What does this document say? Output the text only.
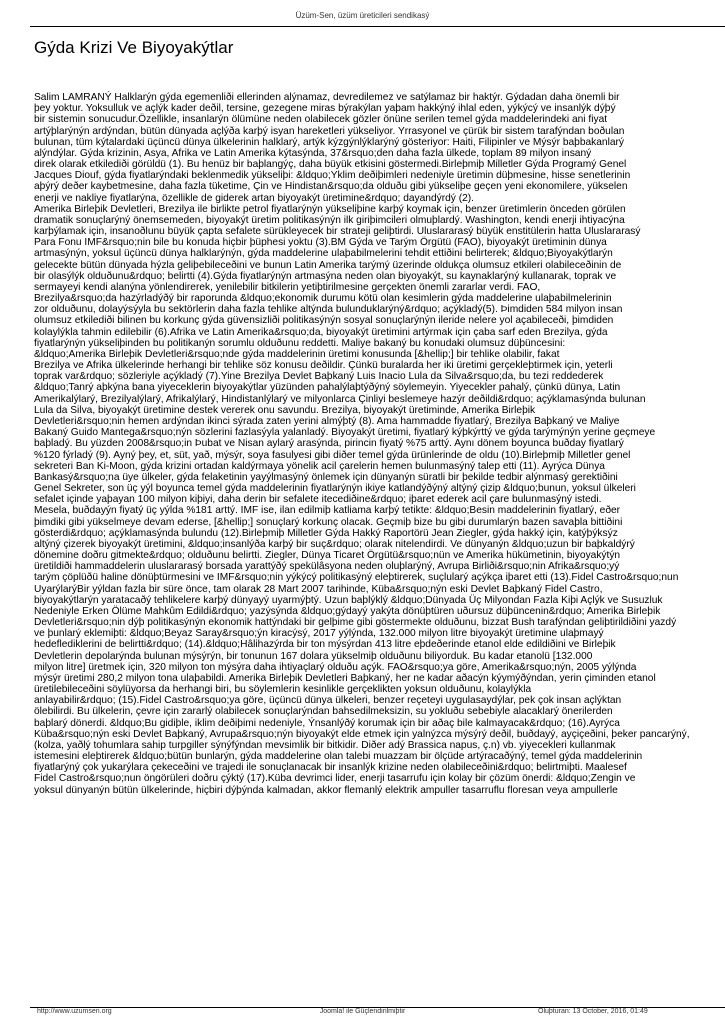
Üzüm-Sen, üzüm üreticileri sendikasý
Gýda Krizi Ve Biyoyakýtlar
Salim LAMRANÝ Halklarýn gýda egemenliði ellerinden alýnamaz, devredilemez ve satýlamaz bir haktýr. Gýdadan daha önemli bir
þey yoktur. Yoksulluk ve açlýk kader deðil, tersine, gezegene miras býrakýlan yaþam hakkýný ihlal eden, yýkýcý ve insanlýk dýþý
bir sistemin sonucudur.Özellikle, insanlarýn ölümüne neden olabilecek gözler önüne serilen temel gýda maddelerindeki ani fiyat
artýþlarýnýn ardýndan, bütün dünyada açlýða karþý isyan hareketleri yükseliyor. Yrrasyonel ve çürük bir sistem tarafýndan boðulan
bulunan, tüm kýtalardaki üçüncü dünya ülkelerinin halklarý, artýk kýzgýnlýklarýný gösteriyor: Haiti, Filipinler ve Mýsýr baþbakanlarý
alýndýlar. Gýda krizinin, Asya, Afrika ve Latin Amerika kýtasýnda, 37&rsquo;den daha fazla ülkede, toplam 89 milyon insaný
direk olarak etkilediði görüldü (1). Bu henüz bir baþlangýç, daha büyük etkisini göstermedi.Birleþmiþ Milletler Gýda Programý Genel
Jacques Diouf, gýda fiyatlarýndaki beklenmedik yükseliþi: &ldquo;Yklim deðiþimleri nedeniyle üretimin düþmesine, hisse senetlerinin
aþýrý deðer kaybetmesine, daha fazla tüketime, Çin ve Hindistan&rsquo;da olduðu gibi yükseliþe geçen yeni ekonomilere, yükselen
enerji ve nakliye fiyatlarýna, özellikle de giderek artan biyoyakýt üretimine&rdquo; dayandýrdý (2).
Amerika Birleþik Devletleri, Brezilya ile birlikte petrol fiyatlarýnýn yükseliþine karþý koymak için, benzer üretimlerin önceden görülen
dramatik sonuçlarýný önemsemeden, biyoyakýt üretim politikasýnýn ilk giriþimcileri olmuþlardý. Washington, kendi enerji ihtiyacýna
karþýlamak için, insanoðlunu büyük çapta sefalete sürükleyecek bir strateji geliþtirdi. Uluslararasý büyük enstitülerin hatta Uluslararasý
Para Fonu IMF&rsquo;nin bile bu konuda hiçbir þüphesi yoktu (3).BM Gýda ve Tarým Örgütü (FAO), biyoyakýt üretiminin dünya
artmasýnýn, yoksul üçüncü dünya halklarýnýn, gýda maddelerine ulaþabilmelerini tehdit ettiðini belirterek; &ldquo;Biyoyakýtlarýn
gelecekte bütün dünyada hýzla geliþebileceðini ve bunun Latin Amerika tarýmý üzerinde oldukça olumsuz etkileri olabileceðinin de
bir olasýlýk olduðunu&rdquo; belirtti (4).Gýda fiyatlarýnýn artmasýna neden olan biyoyakýt, su kaynaklarýný kullanarak, toprak ve
sermayeyi kendi alanýna yönlendirerek, yenilebilir bitkilerin yetiþtirilmesine gerçekten önemli zararlar verdi. FAO,
Brezilya&rsquo;da hazýrladýðý bir raporunda &ldquo;ekonomik durumu kötü olan kesimlerin gýda maddelerine ulaþabilmelerinin
zor olduðunu, dolayýsýyla bu sektörlerin daha fazla tehlike altýnda bulunduklarýný&rdquo; açýkladý(5). Þimdiden 584 milyon insan
olumsuz etkilediði bilinen bu korkunç gýda güvensizliði politikasýnýn sosyal sonuçlarýnýn ileride nelere yol açabileceði, þimdiden
kolaylýkla tahmin edilebilir (6).Afrika ve Latin Amerika&rsquo;da, biyoyakýt üretimini artýrmak için çaba sarf eden Brezilya, gýda
fiyatlarýnýn yükseliþinden bu politikanýn sorumlu olduðunu reddetti. Maliye bakaný bu konudaki olumsuz düþüncesini:
&ldquo;Amerika Birleþik Devletleri&rsquo;nde gýda maddelerinin üretimi konusunda [&hellip;] bir tehlike olabilir, fakat
Brezilya ve Afrika ülkelerinde herhangi bir tehlike söz konusu deðildir. Çünkü buralarda her iki üretimi gerçekleþtirmek için, yeterli
toprak var&rdquo; sözleriyle açýkladý (7).Yine Brezilya Devlet Baþkaný Luis Inacio Lula da Silva&rsquo;da, bu tezi reddederek
&ldquo;Tanrý aþkýna bana yiyeceklerin biyoyakýtlar yüzünden pahalýlaþtýðýný söylemeyin. Yiyecekler pahalý, çünkü dünya, Latin
Amerikalýlarý, Brezilyalýlarý, Afrikalýlarý, Hindistanlýlarý ve milyonlarca Çinliyi beslemeye hazýr deðildi&rdquo; açýklamasýnda bulunan
Lula da Silva, biyoyakýt üretimine destek vererek onu savundu. Brezilya, biyoyakýt üretiminde, Amerika Birleþik
Devletleri&rsquo;nin hemen ardýndan ikinci sýrada zaten yerini almýþtý (8). Ama hammadde fiyatlarý, Brezilya Baþkaný ve Maliye
Bakaný Guido Mantega&rsquo;nýn sözlerini fazlasýyla yalanladý. Biyoyakýt üretimi, fiyatlarý kýþkýrttý ve gýda tarýmýnýn yerine geçmeye
baþladý. Bu yüzden 2008&rsquo;in Þubat ve Nisan aylarý arasýnda, pirincin fiyatý %75 arttý. Aynı dönem boyunca buðday fiyatlarý
%120 fýrladý (9). Ayný þey, et, süt, yað, mýsýr, soya fasulyesi gibi diðer temel gýda ürünlerinde de oldu (10).Birleþmiþ Milletler genel
sekreteri Ban Ki-Moon, gýda krizini ortadan kaldýrmaya yönelik acil çarelerin hemen bulunmasýný talep etti (11). Ayrýca Dünya
Bankasý&rsquo;na üye ülkeler, gýda felaketinin yayýlmasýný önlemek için dünyanýn süratli bir þekilde tedbir alýnmasý gerektiðini
Genel Sekreter, son üç yýl boyunca temel gýda maddelerinin fiyatlarýnýn ikiye katlandýðýný altýný çizip &ldquo;bunun, yoksul ülkeleri
sefalet içinde yaþayan 100 milyon kiþiyi, daha derin bir sefalete itecediðine&rdquo; iþaret ederek acil çare bulunmasýný istedi.
Mesela, buðdayýn fiyatý üç yýlda %181 arttý. IMF ise, ilan edilmiþ katliama karþý tetikte: &ldquo;Besin maddelerinin fiyatlarý, eðer
þimdiki gibi yükselmeye devam ederse, [&hellip;] sonuçlarý korkunç olacak. Geçmiþ bize bu gibi durumlarýn bazen savaþla bittiðini
gösterdi&rdquo; açýklamasýnda bulundu (12).Birleþmiþ Milletler Gýda Hakký Raportörü Jean Ziegler, gýda hakký için, katýþýksýz
altýný çizerek biyoyakýt üretimini, &ldquo;insanlýða karþý bir suç&rdquo; olarak nitelendirdi. Ve dünyanýn &ldquo;uzun bir baþkaldýrý
dönemine doðru gitmekte&rdquo; olduðunu belirtti. Ziegler, Dünya Ticaret Örgütü&rsquo;nün ve Amerika hükümetinin, biyoyakýtýn
üretildiði hammaddelerin uluslararasý borsada yarattýðý spekülâsyona neden oluþlarýný, Avrupa Birliði&rsquo;nin Afrika&rsquo;yý
tarým çöplüðü haline dönüþtürmesini ve IMF&rsquo;nin yýkýcý politikasýný eleþtirerek, suçlularý açýkça iþaret etti (13).Fidel Castro&rsquo;nun
UyarýlarýBir yýldan fazla bir süre önce, tam olarak 28 Mart 2007 tarihinde, Küba&rsquo;nýn eski Devlet Baþkaný Fidel Castro,
biyoyakýtlarýn yaratacaðý tehlikelere karþý dünyayý uyarmýþtý. Uzun baþlýklý &ldquo;Dünyada Üç Milyondan Fazla Kiþi Açlýk ve Susuzluk
Nedeniyle Erken Ölüme Mahkûm Edildi&rdquo; yazýsýnda &ldquo;gýdayý yakýta dönüþtüren uðursuz düþüncenin&rdquo; Amerika Birleþik
Devletleri&rsquo;nin dýþ politikasýnýn ekonomik hattýndaki bir gelþime gibi göstermekte olduðunu, bizzat Bush tarafýndan geliþtirildiðini yazdý
ve þunlarý eklemiþti: &ldquo;Beyaz Saray&rsquo;ýn kiracýsý, 2017 yýlýnda, 132.000 milyon litre biyoyakýt üretimine ulaþmayý
hedeflediklerini de belirtti&rdquo; (14).&ldquo;Hâlihazýrda bir ton mýsýrdan 413 litre eþdeðerinde etanol elde edildiðini ve Birleþik
Devletlerin depolarýnda bulunan mýsýrýn, bir tonunun 167 dolara yükselmiþ olduðunu biliyorduk. Bu kadar etanolü [132.000
milyon litre] üretmek için, 320 milyon ton mýsýra daha ihtiyaçlarý olduðu açýk. FAO&rsquo;ya göre, Amerika&rsquo;nýn, 2005 yýlýnda
mýsýr üretimi 280,2 milyon tona ulaþabildi. Amerika Birleþik Devletleri Baþkaný, her ne kadar aðacýn kýymýðýndan, yerin çiminden etanol
üretilebileceðini söylüyorsa da herhangi biri, bu söylemlerin kesinlikle gerçeklikten yoksun olduðunu, kolaylýkla
anlayabilir&rdquo; (15).Fidel Castro&rsquo;ya göre, üçüncü dünya ülkeleri, benzer reçeteyi uygulasaydýlar, pek çok insan açlýktan
ölebilirdi. Bu ülkelerin, çevre için zararlý olabilecek sonuçlarýndan bahsedilmeksizin, su yokluðu sebebiyle alacaklarý önerilerden
baþlarý dönerdi. &ldquo;Bu gidiþle, iklim deðiþimi nedeniyle, Ýnsanlýðý korumak için bir aðaç bile kalmayacak&rdquo; (16).Ayrýca
Küba&rsquo;nýn eski Devlet Baþkaný, Avrupa&rsquo;nýn biyoyakýt elde etmek için yalnýzca mýsýrý deðil, buðdayý, ayçiçeðini, þeker pancarýný,
(kolza, yaðlý tohumlara sahip turpgiller sýnýfýndan mevsimlik bir bitkidir. Diðer adý Brassica napus, ç.n) vb. yiyecekleri kullanmak
istemesini eleþtirerek &ldquo;bütün bunlarýn, gýda maddelerine olan talebi muazzam bir ölçüde artýracaðýný, temel gýda maddelerinin
fiyatlarýný çok yukarýlara çekeceðini ve trajedi ile sonuçlanacak bir insanlýk krizine neden olabileceðini&rdquo; belirtmiþti. Maalesef
Fidel Castro&rsquo;nun öngörüleri doðru çýktý (17).Küba devrimci lider, enerji tasarrufu için kolay bir çözüm önerdi: &ldquo;Zengin ve
yoksul dünyanýn bütün ülkelerinde, hiçbiri dýþýnda kalmadan, akkor flemanlý elektrik ampuller tasarruflu floresan veya ampullerle
http://www.uzumsen.org	Joomla! ile Güçlendirilmiþtir	Oluþturan: 13 October, 2016, 01:49
